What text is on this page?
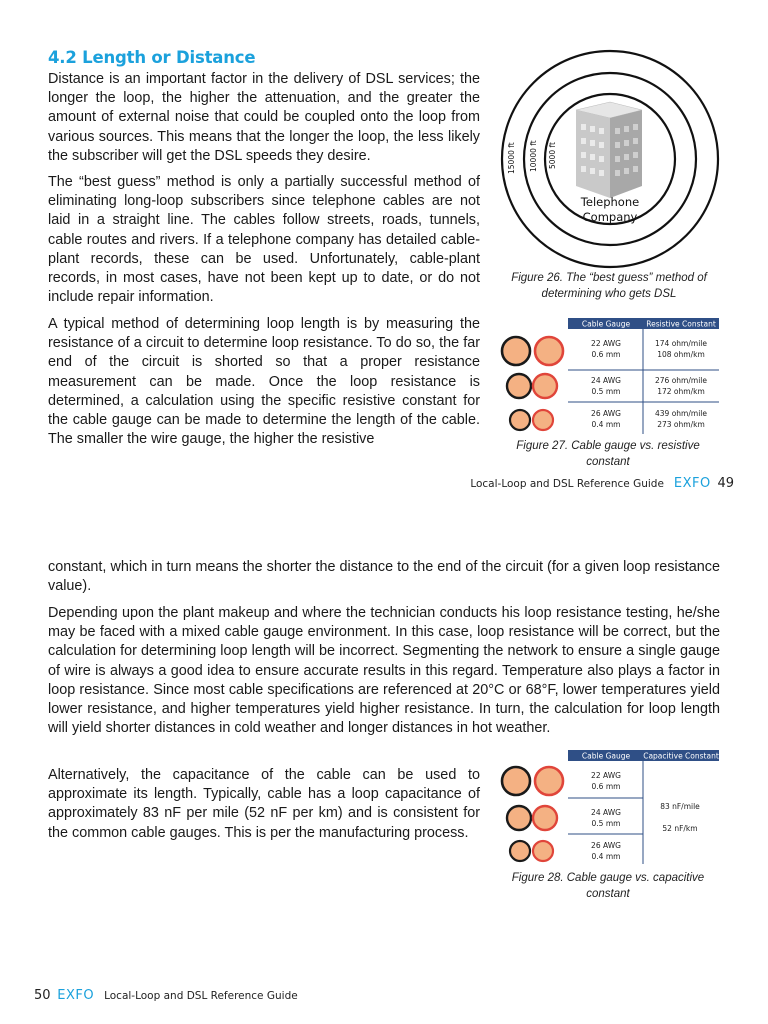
4.2 Length or Distance

Distance is an important factor in the delivery of DSL services; the longer the loop, the higher the attenuation, and the greater the amount of external noise that could be coupled onto the loop from various sources. This means that the longer the loop, the less likely the subscriber will get the DSL speeds they desire.

The “best guess” method is only a partially successful method of eliminating long-loop subscribers since telephone cables are not laid in a straight line. The cables follow streets, roads, tunnels, cable routes and rivers. If a telephone company has detailed cable-plant records, these can be used. Unfortunately, cable-plant records, in most cases, have not been kept up to date, or do not include repair information.

A typical method of determining loop length is by measuring the resistance of a circuit to determine loop resistance. To do so, the far end of the circuit is shorted so that a proper resistance measurement can be made. Once the loop resistance is determined, a calculation using the specific resistive constant for the cable gauge can be made to determine the length of the cable. The smaller the wire gauge, the higher the resistive

15000 ft 10000 ft 5000 ft
Telephone
Company
Figure 26. The “best guess” method of determining who gets DSL
Cable Gauge Resistive Constant
22 AWG
0.6 mm
174 ohm/mile
108 ohm/km
24 AWG
0.5 mm
276 ohm/mile
172 ohm/km
26 AWG
0.4 mm
439 ohm/mile
273 ohm/km
Figure 27. Cable gauge vs. resistive constant
Local-Loop and DSL Reference Guide EXFO 49

constant, which in turn means the shorter the distance to the end of the circuit (for a given loop resistance value).

Depending upon the plant makeup and where the technician conducts his loop resistance testing, he/she may be faced with a mixed cable gauge environment. In this case, loop resistance will be correct, but the calculation for determining loop length will be incorrect. Segmenting the network to ensure a single gauge of wire is always a good idea to ensure accurate results in this regard. Temperature also plays a factor in loop resistance. Since most cable specifications are referenced at 20°C or 68°F, lower temperatures yield lower resistance, and higher temperatures yield higher resistance. In turn, the calculation for loop length will yield shorter distances in cold weather and longer distances in hot weather.

Alternatively, the capacitance of the cable can be used to approximate its length. Typically, cable has a loop capacitance of approximately 83 nF per mile (52 nF per km) and is consistent for the common cable gauges. This is per the manufacturing process.

Cable Gauge Capacitive Constant
22 AWG
0.6 mm
24 AWG
0.5 mm
26 AWG
0.4 mm
83 nF/mile
52 nF/km
Figure 28. Cable gauge vs. capacitive constant
50 EXFO Local-Loop and DSL Reference Guide
